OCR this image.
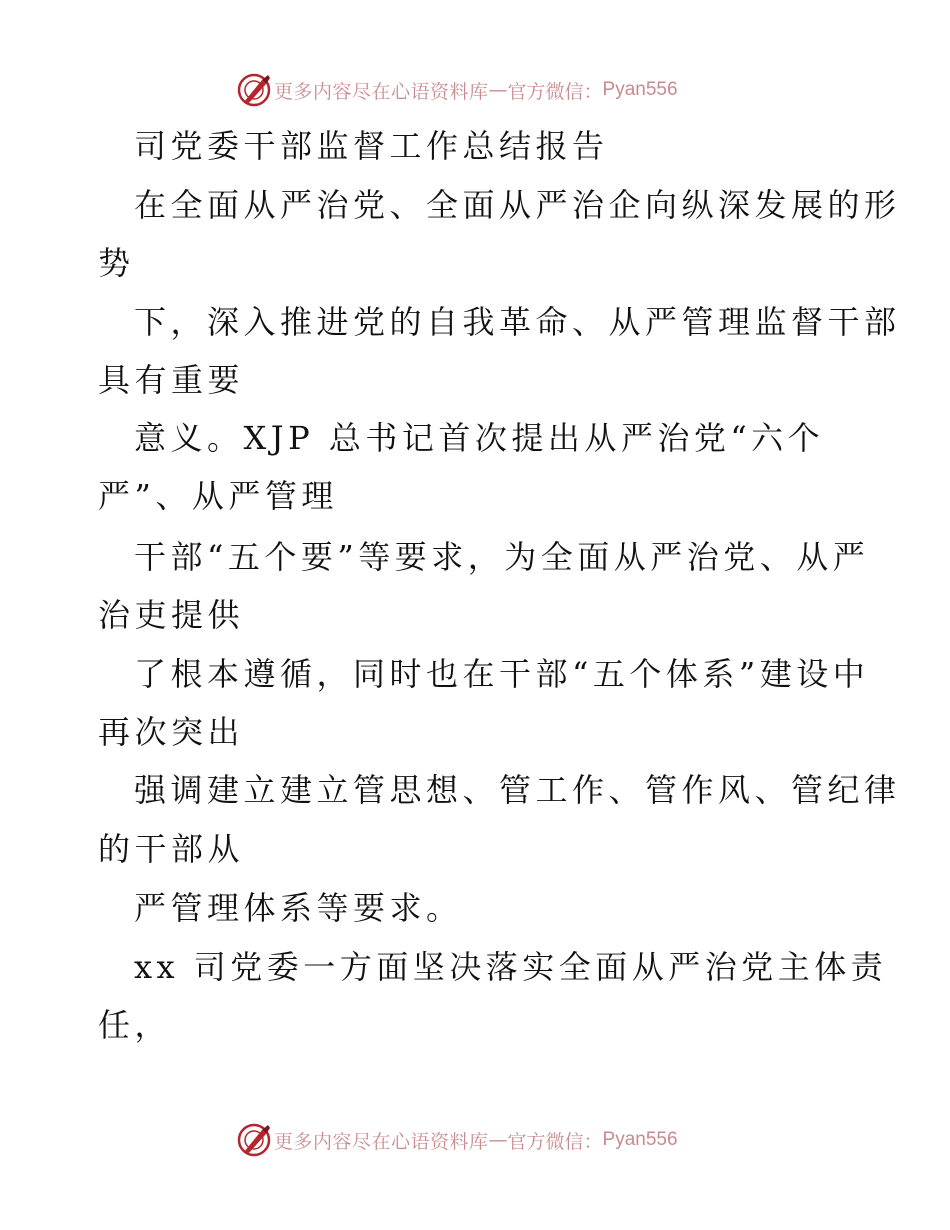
更多内容尽在心语资料库 — 官方微信： Pyan556
司党委干部监督工作总结报告
在全面从严治党、全面从严治企向纵深发展的形
势
下，深入推进党的自我革命、从严管理监督干部
具有重要
意义。XJP 总书记首次提出从严治党“六个
严”、从严管理
干部“五个要”等要求，为全面从严治党、从严
治吏提供
了根本遵循，同时也在干部“五个体系”建设中
再次突出
强调建立建立管思想、管工作、管作风、管纪律
的干部从
严管理体系等要求。
xx 司党委一方面坚决落实全面从严治党主体责
任，
更多内容尽在心语资料库 — 官方微信： Pyan556
